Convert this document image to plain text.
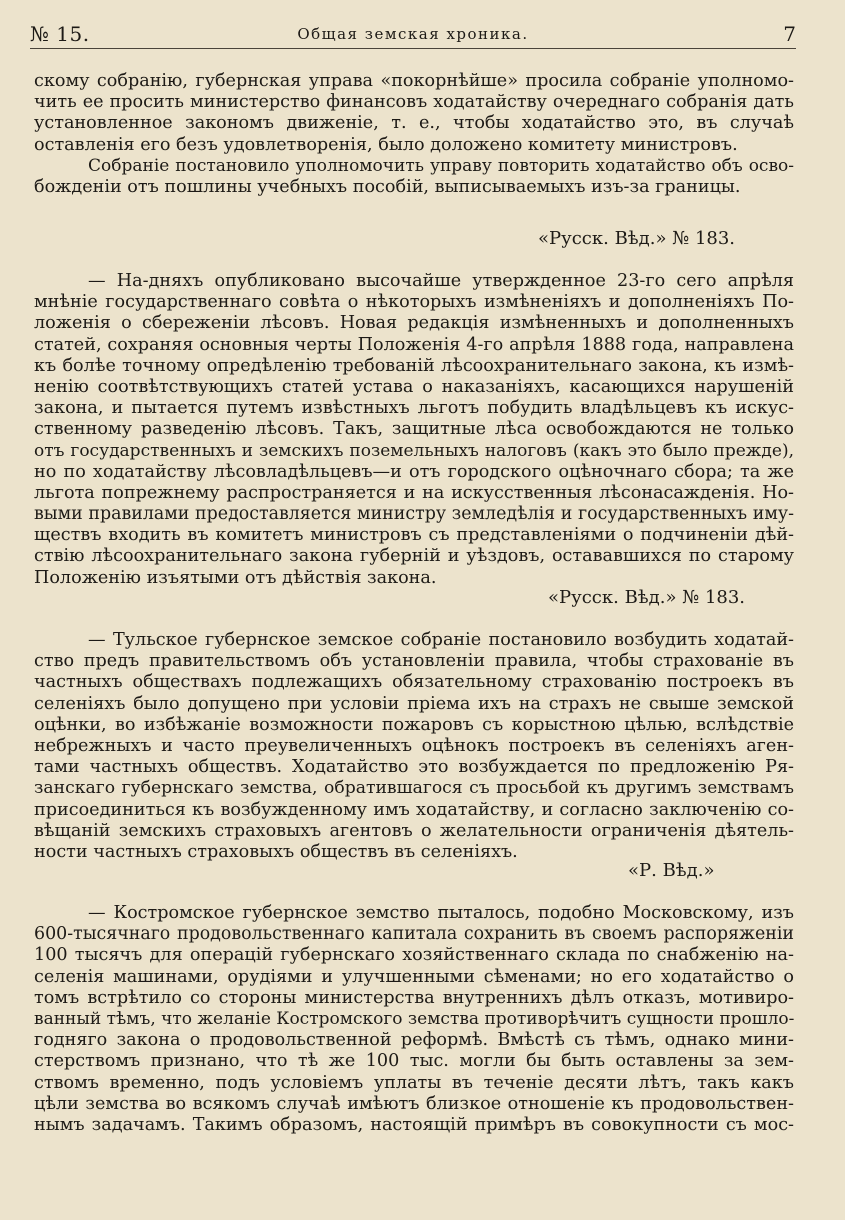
№ 15.	Общая земская хроника.	7
скому собранію, губернская управа «покорнѣйше» просила собраніе уполномо-
чить ее просить министерство финансовъ ходатайству очереднаго собранія дать
установленное закономъ движеніе, т. е., чтобы ходатайство это, въ случаѣ
оставленія его безъ удовлетворенія, было доложено комитету министровъ.
Собраніе постановило уполномочить управу повторить ходатайство объ осво-
божденіи отъ пошлины учебныхъ пособій, выписываемыхъ изъ-за границы.
«Русск. Вѣд.» № 183.
— На-дняхъ опубликовано высочайше утвержденное 23-го сего апрѣля
мнѣніе государственнаго совѣта о нѣкоторыхъ измѣненіяхъ и дополненіяхъ По-
ложенія о сбереженіи лѣсовъ. Новая редакція измѣненныхъ и дополненныхъ
статей, сохраняя основныя черты Положенія 4-го апрѣля 1888 года, направлена
къ болѣе точному опредѣленію требованій лѣсоохранительнаго закона, къ измѣ-
ненію соотвѣтствующихъ статей устава о наказаніяхъ, касающихся нарушеній
закона, и пытается путемъ извѣстныхъ льготъ побудить владѣльцевъ къ искус-
ственному разведенію лѣсовъ. Такъ, защитные лѣса освобождаются не только
отъ государственныхъ и земскихъ поземельныхъ налоговъ (какъ это было прежде),
но по ходатайству лѣсовладѣльцевъ—и отъ городского оцѣночнаго сбора; та же
льгота попрежнему распространяется и на искусственныя лѣсонасажденія. Но-
выми правилами предоставляется министру земледѣлія и государственныхъ иму-
ществъ входить въ комитетъ министровъ съ представленіями о подчиненіи дѣй-
ствію лѣсоохранительнаго закона губерній и уѣздовъ, остававшихся по старому
Положенію изъятыми отъ дѣйствія закона.
«Русск. Вѣд.» № 183.
— Тульское губернское земское собраніе постановило возбудить ходатай-
ство предъ правительствомъ объ установленіи правила, чтобы страхованіе въ
частныхъ обществахъ подлежащихъ обязательному страхованію построекъ въ
селеніяхъ было допущено при условіи пріема ихъ на страхъ не свыше земской
оцѣнки, во избѣжаніе возможности пожаровъ съ корыстною цѣлью, вслѣдствіе
небрежныхъ и часто преувеличенныхъ оцѣнокъ построекъ въ селеніяхъ аген-
тами частныхъ обществъ. Ходатайство это возбуждается по предложенію Ря-
занскаго губернскаго земства, обратившагося съ просьбой къ другимъ земствамъ
присоединиться къ возбужденному имъ ходатайству, и согласно заключенію со-
вѣщаній земскихъ страховыхъ агентовъ о желательности ограниченія дѣятель-
ности частныхъ страховыхъ обществъ въ селеніяхъ.
«Р. Вѣд.»
— Костромское губернское земство пыталось, подобно Московскому, изъ
600-тысячнаго продовольственнаго капитала сохранить въ своемъ распоряженіи
100 тысячъ для операцій губернскаго хозяйственнаго склада по снабженію на-
селенія машинами, орудіями и улучшенными сѣменами; но его ходатайство о
томъ встрѣтило со стороны министерства внутреннихъ дѣлъ отказъ, мотивиро-
ванный тѣмъ, что желаніе Костромского земства противорѣчитъ сущности прошло-
годняго закона о продовольственной реформѣ. Вмѣстѣ съ тѣмъ, однако мини-
стерствомъ признано, что тѣ же 100 тыс. могли бы быть оставлены за зем-
ствомъ временно, подъ условіемъ уплаты въ теченіе десяти лѣтъ, такъ какъ
цѣли земства во всякомъ случаѣ имѣютъ близкое отношеніе къ продовольствен-
нымъ задачамъ. Такимъ образомъ, настоящій примѣръ въ совокупности съ мос-
